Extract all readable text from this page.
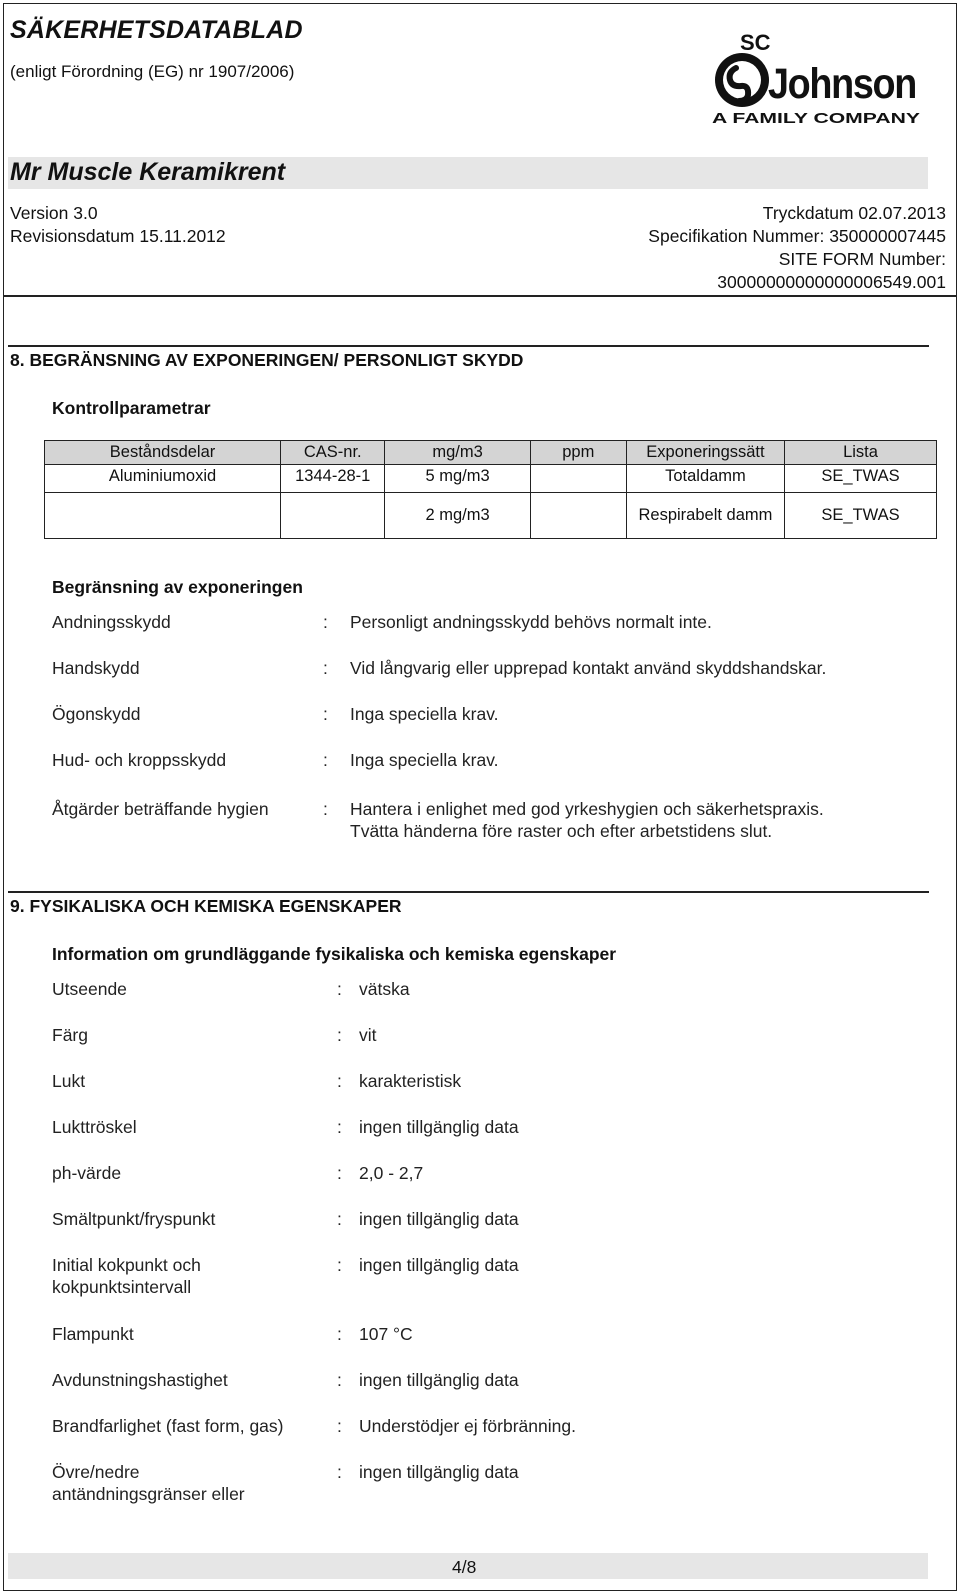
SÄKERHETSDATABLAD
(enligt Förordning (EG) nr 1907/2006)
SC
Johnson
A FAMILY COMPANY
Mr Muscle Keramikrent
Version 3.0
Revisionsdatum 15.11.2012
Tryckdatum 02.07.2013
Specifikation Nummer: 350000007445
SITE FORM Number:
30000000000000006549.001
8. BEGRÄNSNING AV EXPONERINGEN/ PERSONLIGT SKYDD
Kontrollparametrar
Beståndsdelar	CAS-nr.	mg/m3	ppm	Exponeringssätt	Lista
Aluminiumoxid	1344-28-1	5 mg/m3		Totaldamm	SE_TWAS
		2 mg/m3		Respirabelt damm	SE_TWAS
Begränsning av exponeringen
Andningsskydd	: Personligt andningsskydd behövs normalt inte.
Handskydd	: Vid långvarig eller upprepad kontakt använd skyddshandskar.
Ögonskydd	: Inga speciella krav.
Hud- och kroppsskydd	: Inga speciella krav.
Åtgärder beträffande hygien	: Hantera i enlighet med god yrkeshygien och säkerhetspraxis. Tvätta händerna före raster och efter arbetstidens slut.
9. FYSIKALISKA OCH KEMISKA EGENSKAPER
Information om grundläggande fysikaliska och kemiska egenskaper
Utseende	: vätska
Färg	: vit
Lukt	: karakteristisk
Lukttröskel	: ingen tillgänglig data
ph-värde	: 2,0 - 2,7
Smältpunkt/fryspunkt	: ingen tillgänglig data
Initial kokpunkt och kokpunktsintervall
: ingen tillgänglig data
Flampunkt	: 107 °C
Avdunstningshastighet	: ingen tillgänglig data
Brandfarlighet (fast form, gas)	: Understödjer ej förbränning.
Övre/nedre antändningsgränser eller
: ingen tillgänglig data
4/8
